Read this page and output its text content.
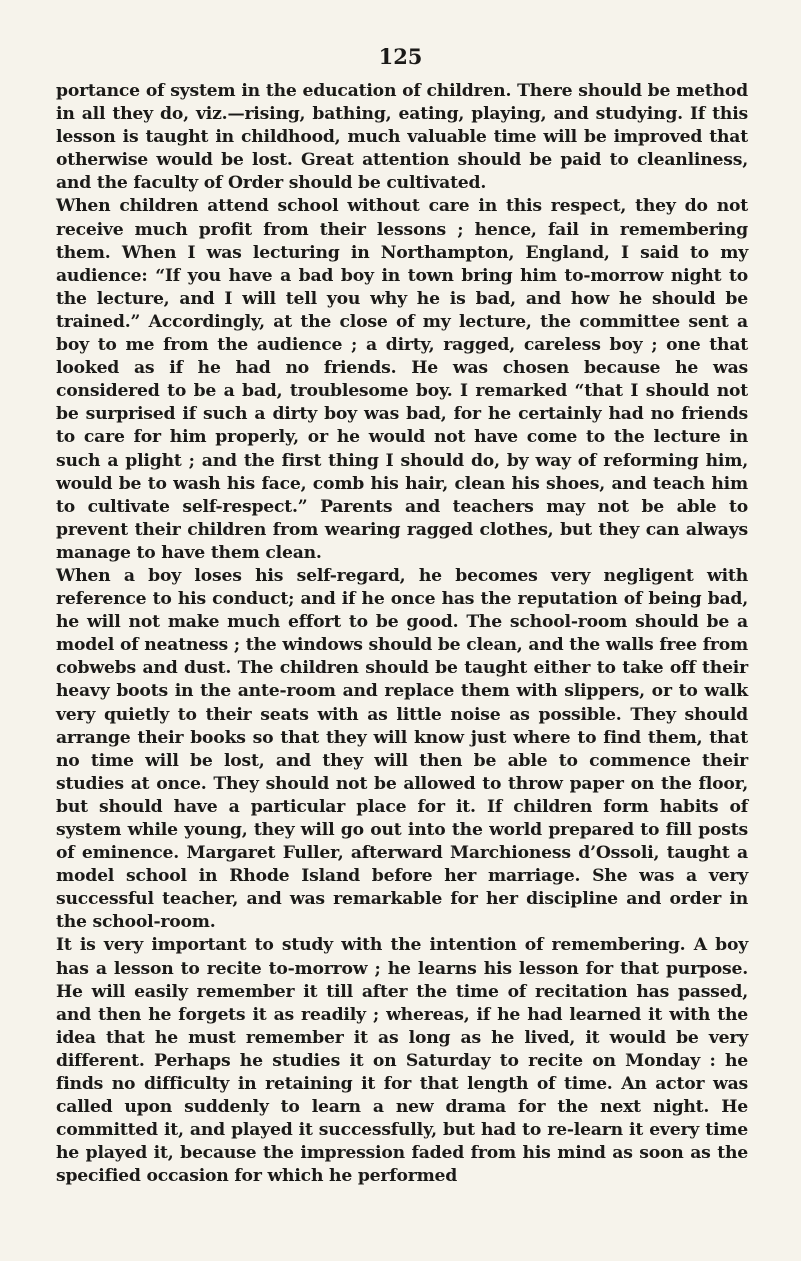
125

portance of system in the education of children. There should be method in all they do, viz.—rising, bathing, eating, playing, and studying. If this lesson is taught in childhood, much valuable time will be improved that otherwise would be lost. Great attention should be paid to cleanliness, and the faculty of Order should be cultivated.

When children attend school without care in this respect, they do not receive much profit from their lessons ; hence, fail in remembering them. When I was lecturing in Northampton, England, I said to my audience: “If you have a bad boy in town bring him to-morrow night to the lecture, and I will tell you why he is bad, and how he should be trained.” Accordingly, at the close of my lecture, the committee sent a boy to me from the audience ; a dirty, ragged, careless boy ; one that looked as if he had no friends. He was chosen because he was considered to be a bad, troublesome boy. I remarked “that I should not be surprised if such a dirty boy was bad, for he certainly had no friends to care for him properly, or he would not have come to the lecture in such a plight ; and the first thing I should do, by way of reforming him, would be to wash his face, comb his hair, clean his shoes, and teach him to cultivate self-respect.” Parents and teachers may not be able to prevent their children from wearing ragged clothes, but they can always manage to have them clean.

When a boy loses his self-regard, he becomes very negligent with reference to his conduct; and if he once has the reputation of being bad, he will not make much effort to be good. The school-room should be a model of neatness ; the windows should be clean, and the walls free from cobwebs and dust. The children should be taught either to take off their heavy boots in the ante-room and replace them with slippers, or to walk very quietly to their seats with as little noise as possible. They should arrange their books so that they will know just where to find them, that no time will be lost, and they will then be able to commence their studies at once. They should not be allowed to throw paper on the floor, but should have a particular place for it. If children form habits of system while young, they will go out into the world prepared to fill posts of eminence. Margaret Fuller, afterward Marchioness d’Ossoli, taught a model school in Rhode Island before her marriage. She was a very successful teacher, and was remarkable for her discipline and order in the school-room.

It is very important to study with the intention of remembering. A boy has a lesson to recite to-morrow ; he learns his lesson for that purpose. He will easily remember it till after the time of recitation has passed, and then he forgets it as readily ; whereas, if he had learned it with the idea that he must remember it as long as he lived, it would be very different. Perhaps he studies it on Saturday to recite on Monday : he finds no difficulty in retaining it for that length of time. An actor was called upon suddenly to learn a new drama for the next night. He committed it, and played it successfully, but had to re-learn it every time he played it, because the impression faded from his mind as soon as the specified occasion for which he performed
